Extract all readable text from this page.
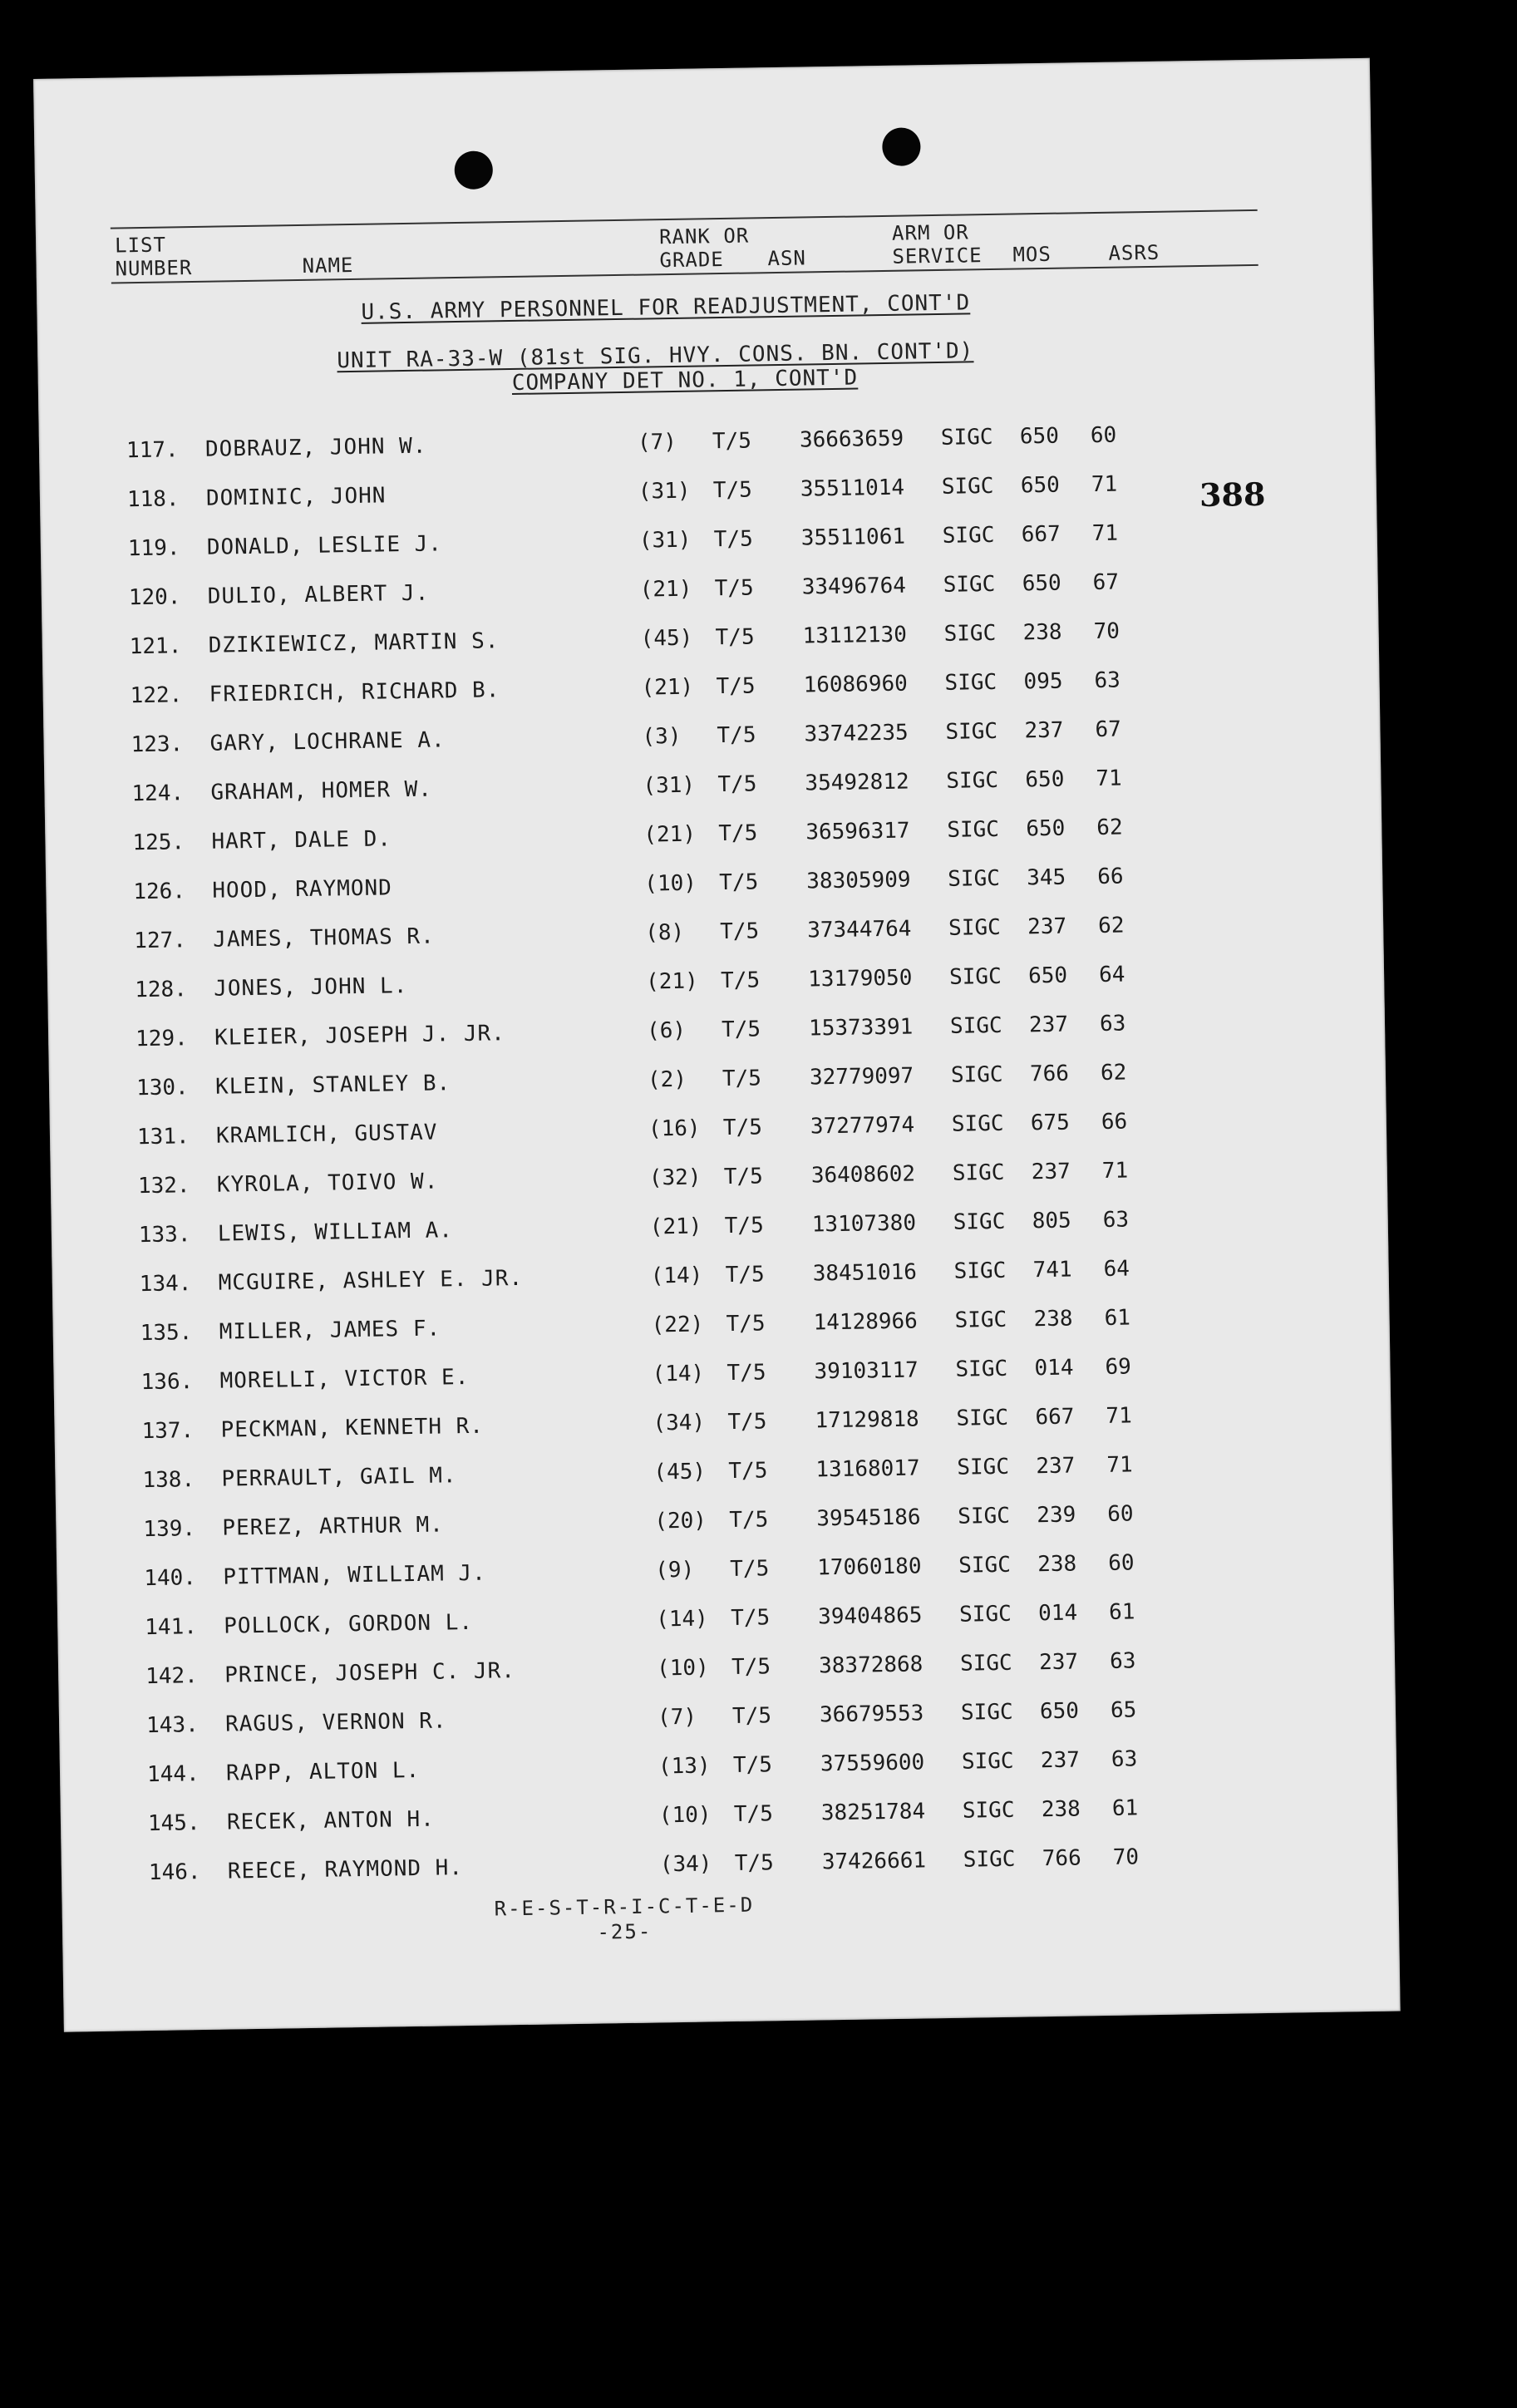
LIST
NUMBER	NAME
RANK OR
GRADE	ASN
ARM OR
SERVICE MOS	ASRS
U.S. ARMY PERSONNEL FOR READJUSTMENT, CONT'D
UNIT RA-33-W (81st SIG. HVY. CONS. BN. CONT'D)
COMPANY DET NO. 1, CONT'D
388
117. DOBRAUZ, JOHN W.	(7) T/5 36663659 SIGC 650 60
118. DOMINIC, JOHN	(31) T/5 35511014 SIGC 650 71
119. DONALD, LESLIE J.	(31) T/5 35511061 SIGC 667 71
120. DULIO, ALBERT J.	(21) T/5 33496764 SIGC 650 67
121. DZIKIEWICZ, MARTIN S.	(45) T/5 13112130 SIGC 238 70
122. FRIEDRICH, RICHARD B.	(21) T/5 16086960 SIGC 095 63
123. GARY, LOCHRANE A.	(3) T/5 33742235 SIGC 237 67
124. GRAHAM, HOMER W.	(31) T/5 35492812 SIGC 650 71
125. HART, DALE D.	(21) T/5 36596317 SIGC 650 62
126. HOOD, RAYMOND	(10) T/5 38305909 SIGC 345 66
127. JAMES, THOMAS R.	(8) T/5 37344764 SIGC 237 62
128. JONES, JOHN L.	(21) T/5 13179050 SIGC 650 64
129. KLEIER, JOSEPH J. JR.	(6) T/5 15373391 SIGC 237 63
130. KLEIN, STANLEY B.	(2) T/5 32779097 SIGC 766 62
131. KRAMLICH, GUSTAV	(16) T/5 37277974 SIGC 675 66
132. KYROLA, TOIVO W.	(32) T/5 36408602 SIGC 237 71
133. LEWIS, WILLIAM A.	(21) T/5 13107380 SIGC 805 63
134. MCGUIRE, ASHLEY E. JR.	(14) T/5 38451016 SIGC 741 64
135. MILLER, JAMES F.	(22) T/5 14128966 SIGC 238 61
136. MORELLI, VICTOR E.	(14) T/5 39103117 SIGC 014 69
137. PECKMAN, KENNETH R.	(34) T/5 17129818 SIGC 667 71
138. PERRAULT, GAIL M.	(45) T/5 13168017 SIGC 237 71
139. PEREZ, ARTHUR M.	(20) T/5 39545186 SIGC 239 60
140. PITTMAN, WILLIAM J.	(9) T/5 17060180 SIGC 238 60
141. POLLOCK, GORDON L.	(14) T/5 39404865 SIGC 014 61
142. PRINCE, JOSEPH C. JR.	(10) T/5 38372868 SIGC 237 63
143. RAGUS, VERNON R.	(7) T/5 36679553 SIGC 650 65
144. RAPP, ALTON L.	(13) T/5 37559600 SIGC 237 63
145. RECEK, ANTON H.	(10) T/5 38251784 SIGC 238 61
146. REECE, RAYMOND H.	(34) T/5 37426661 SIGC 766 70
R-E-S-T-R-I-C-T-E-D
-25-
